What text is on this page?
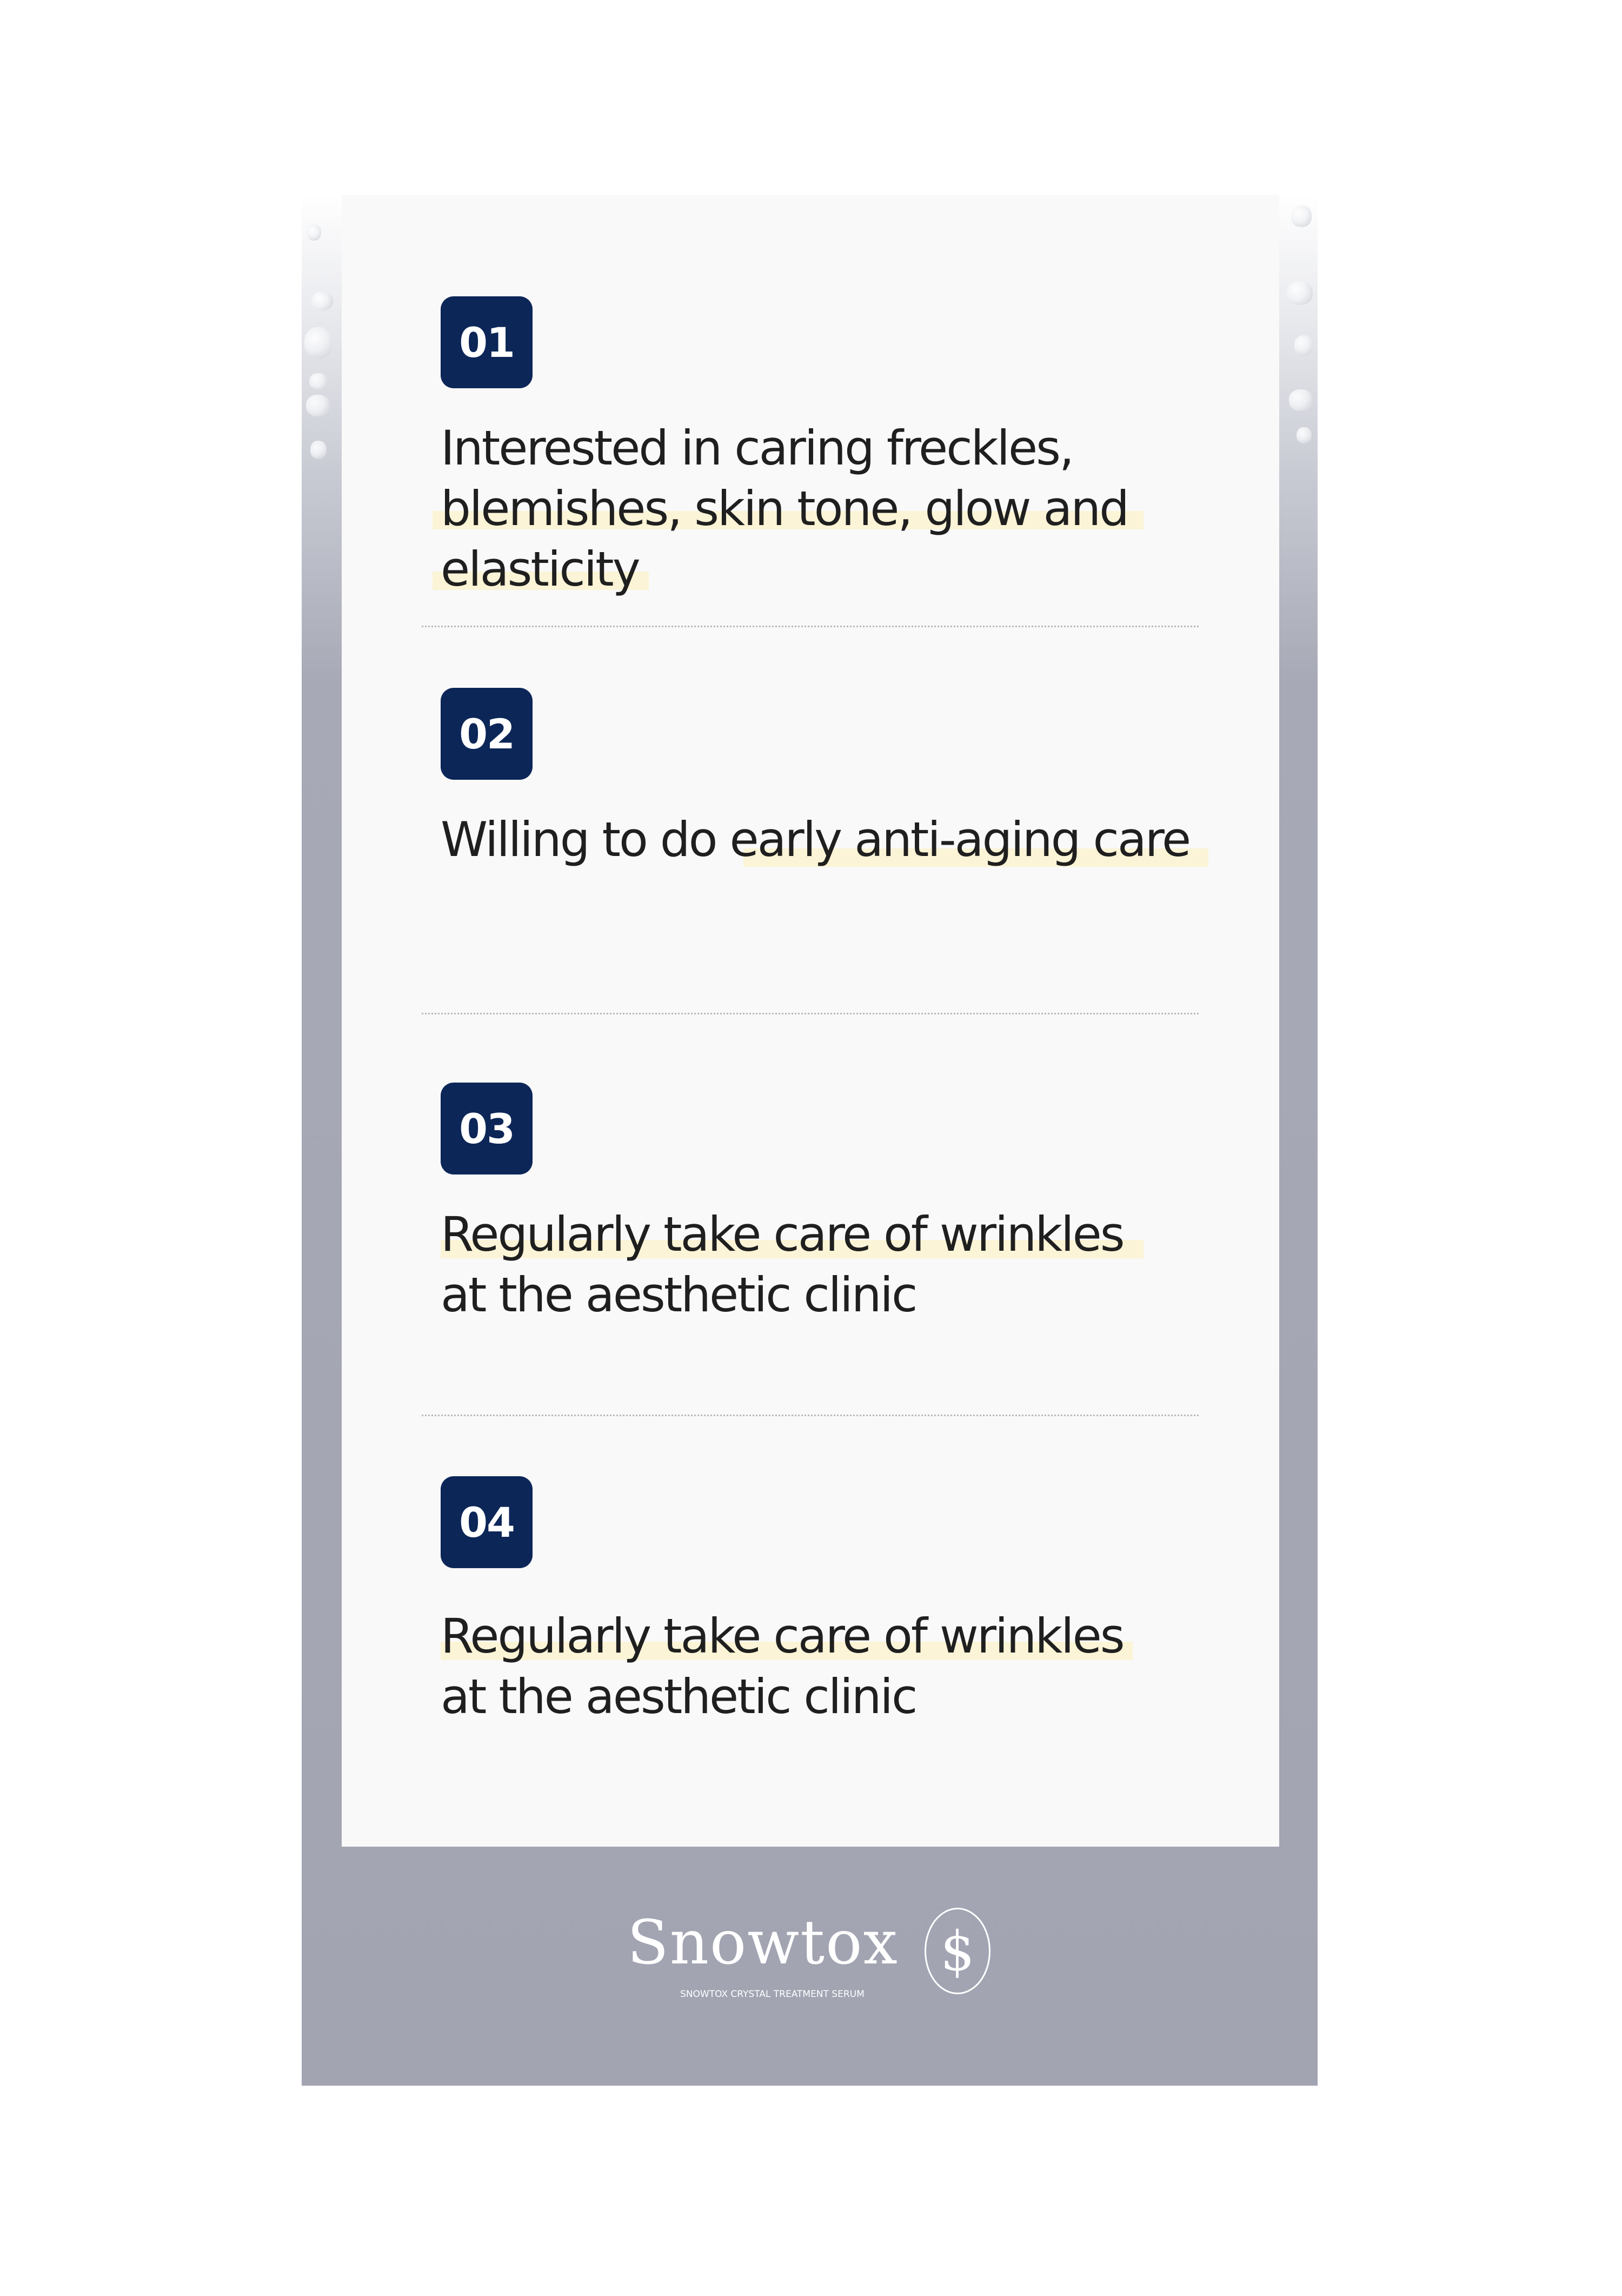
01
Interested in caring freckles,
blemishes, skin tone, glow and
elasticity
02
Willing to do early anti-aging care
03
Regularly take care of wrinkles
at the aesthetic clinic
04
Regularly take care of wrinkles
at the aesthetic clinic
Snowtox $
SNOWTOX CRYSTAL TREATMENT SERUM
